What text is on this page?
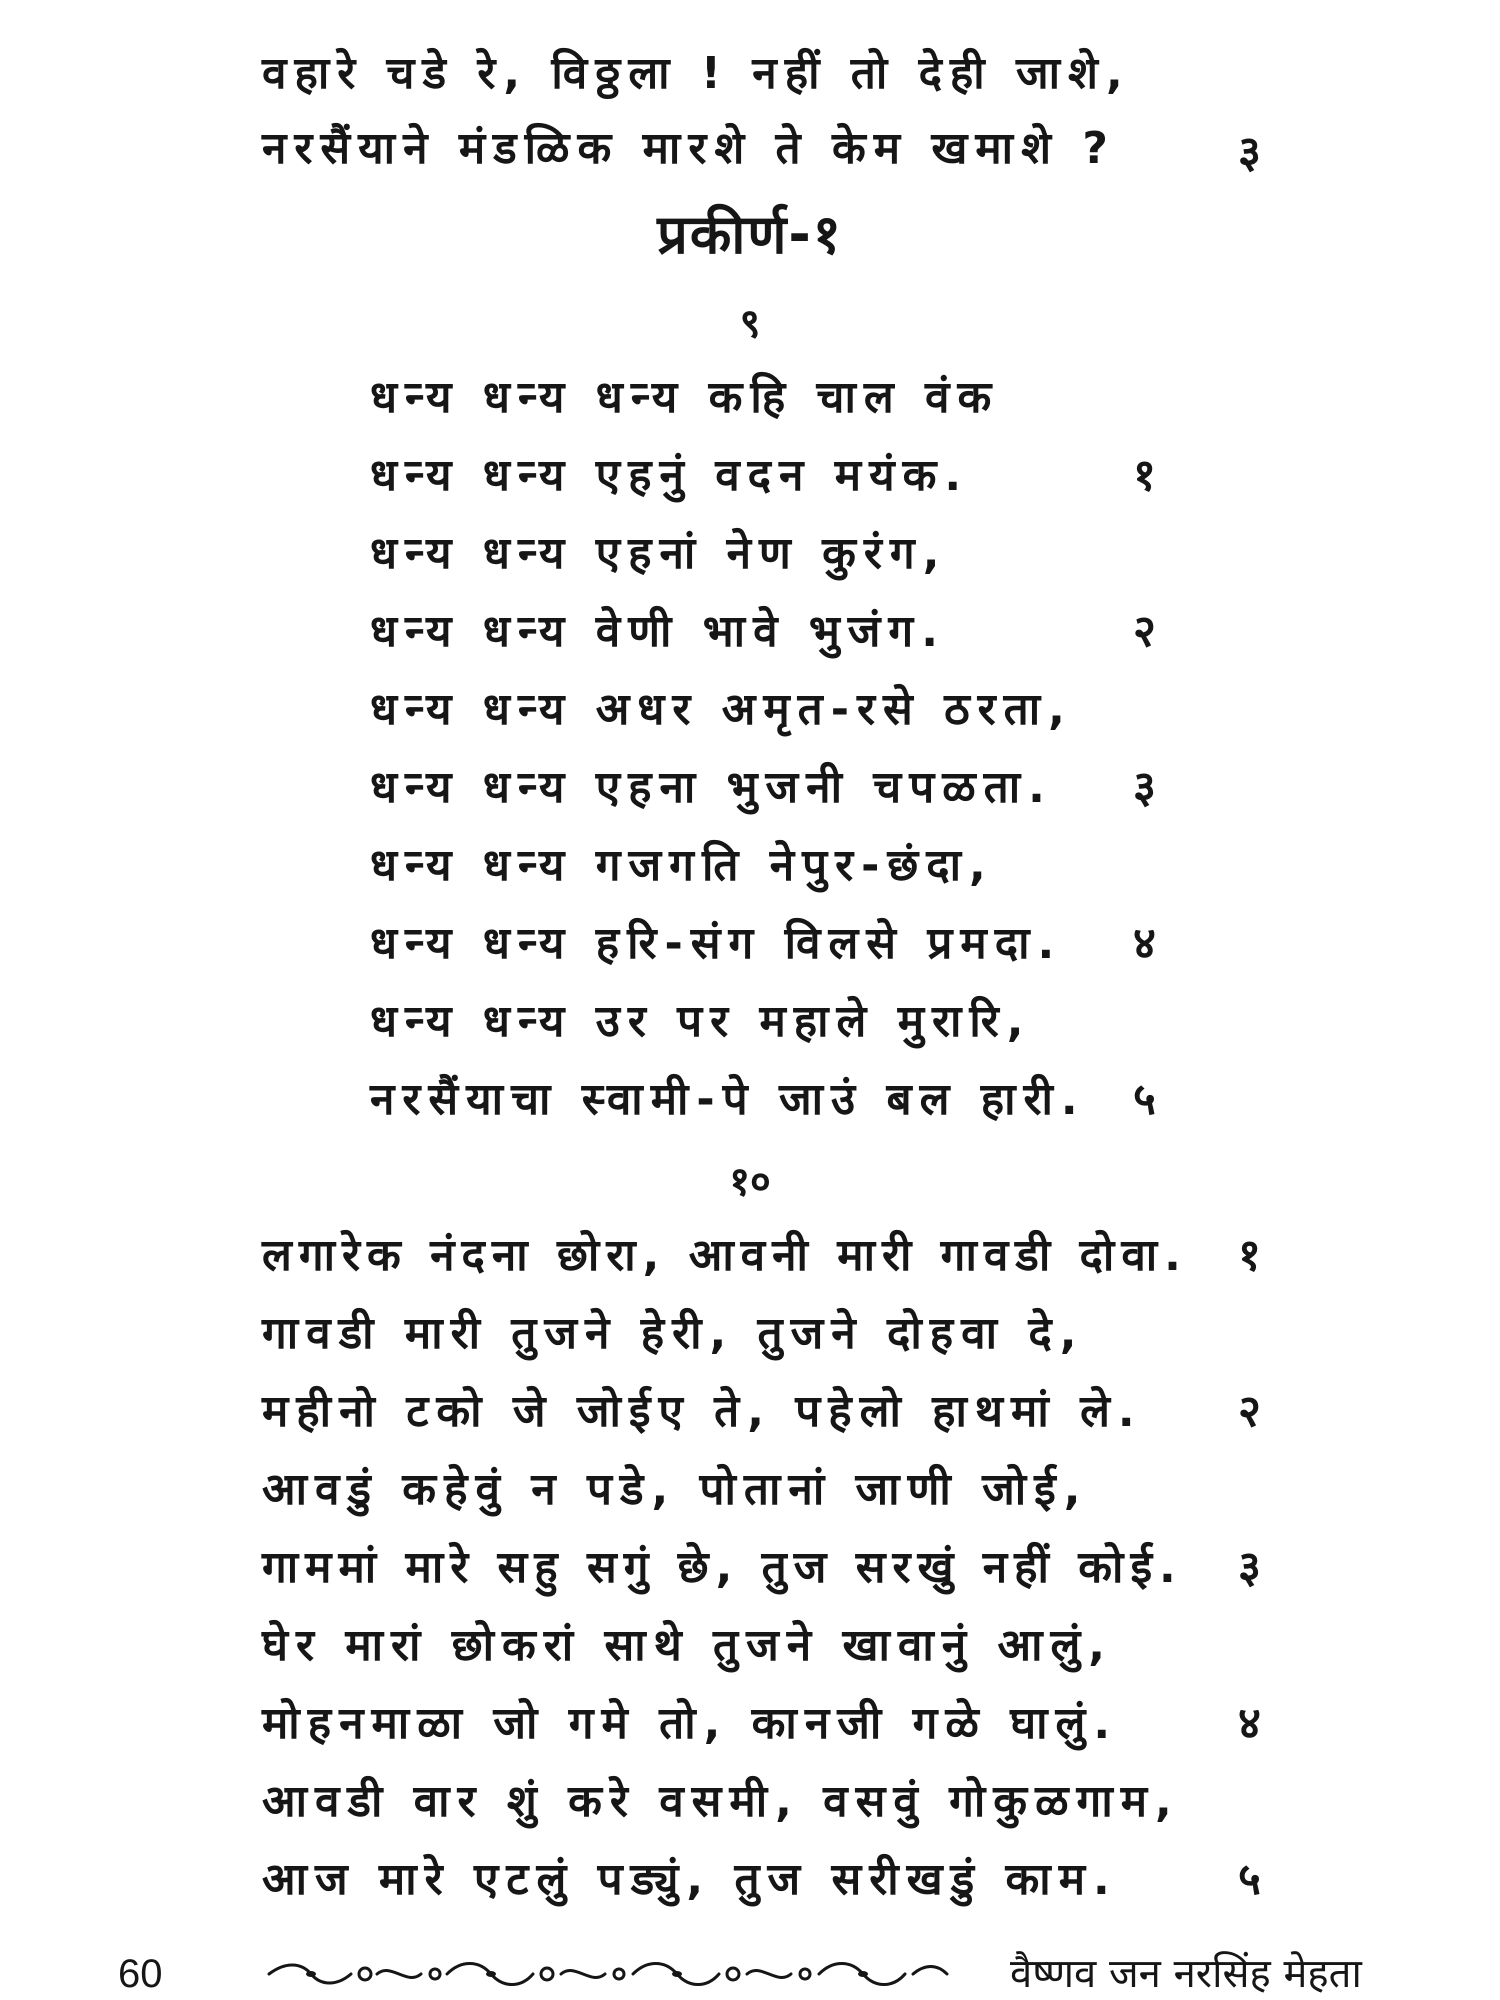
वहारे चडे रे, विठ्ठला ! नहीं तो देही जाशे,
नरसैंयाने मंडळिक मारशे ते केम खमाशे ?	३
प्रकीर्ण-१
९
धन्य धन्य धन्य कहि चाल वंक
धन्य धन्य एहनुं वदन मयंक.	१
धन्य धन्य एहनां नेण कुरंग,
धन्य धन्य वेणी भावे भुजंग.	२
धन्य धन्य अधर अमृत-रसे ठरता,
धन्य धन्य एहना भुजनी चपळता. ३
धन्य धन्य गजगति नेपुर-छंदा,
धन्य धन्य हरि-संग विलसे प्रमदा. ४
धन्य धन्य उर पर महाले मुरारि,
नरसैंयाचा स्वामी-पे जाउं बल हारी. ५
१०
लगारेक नंदना छोरा, आवनी मारी गावडी दोवा. १
गावडी मारी तुजने हेरी, तुजने दोहवा दे,
महीनो टको जे जोईए ते, पहेलो हाथमां ले. २
आवडुं कहेवुं न पडे, पोतानां जाणी जोई,
गाममां मारे सहु सगुं छे, तुज सरखुं नहीं कोई. ३
घेर मारां छोकरां साथे तुजने खावानुं आलुं,
मोहनमाळा जो गमे तो, कानजी गळे घालुं.	४
आवडी वार शुं करे वसमी, वसवुं गोकुळगाम,
आज मारे एटलुं पड्युं, तुज सरीखडुं काम.	५
60	वैष्णव जन नरसिंह मेहता
